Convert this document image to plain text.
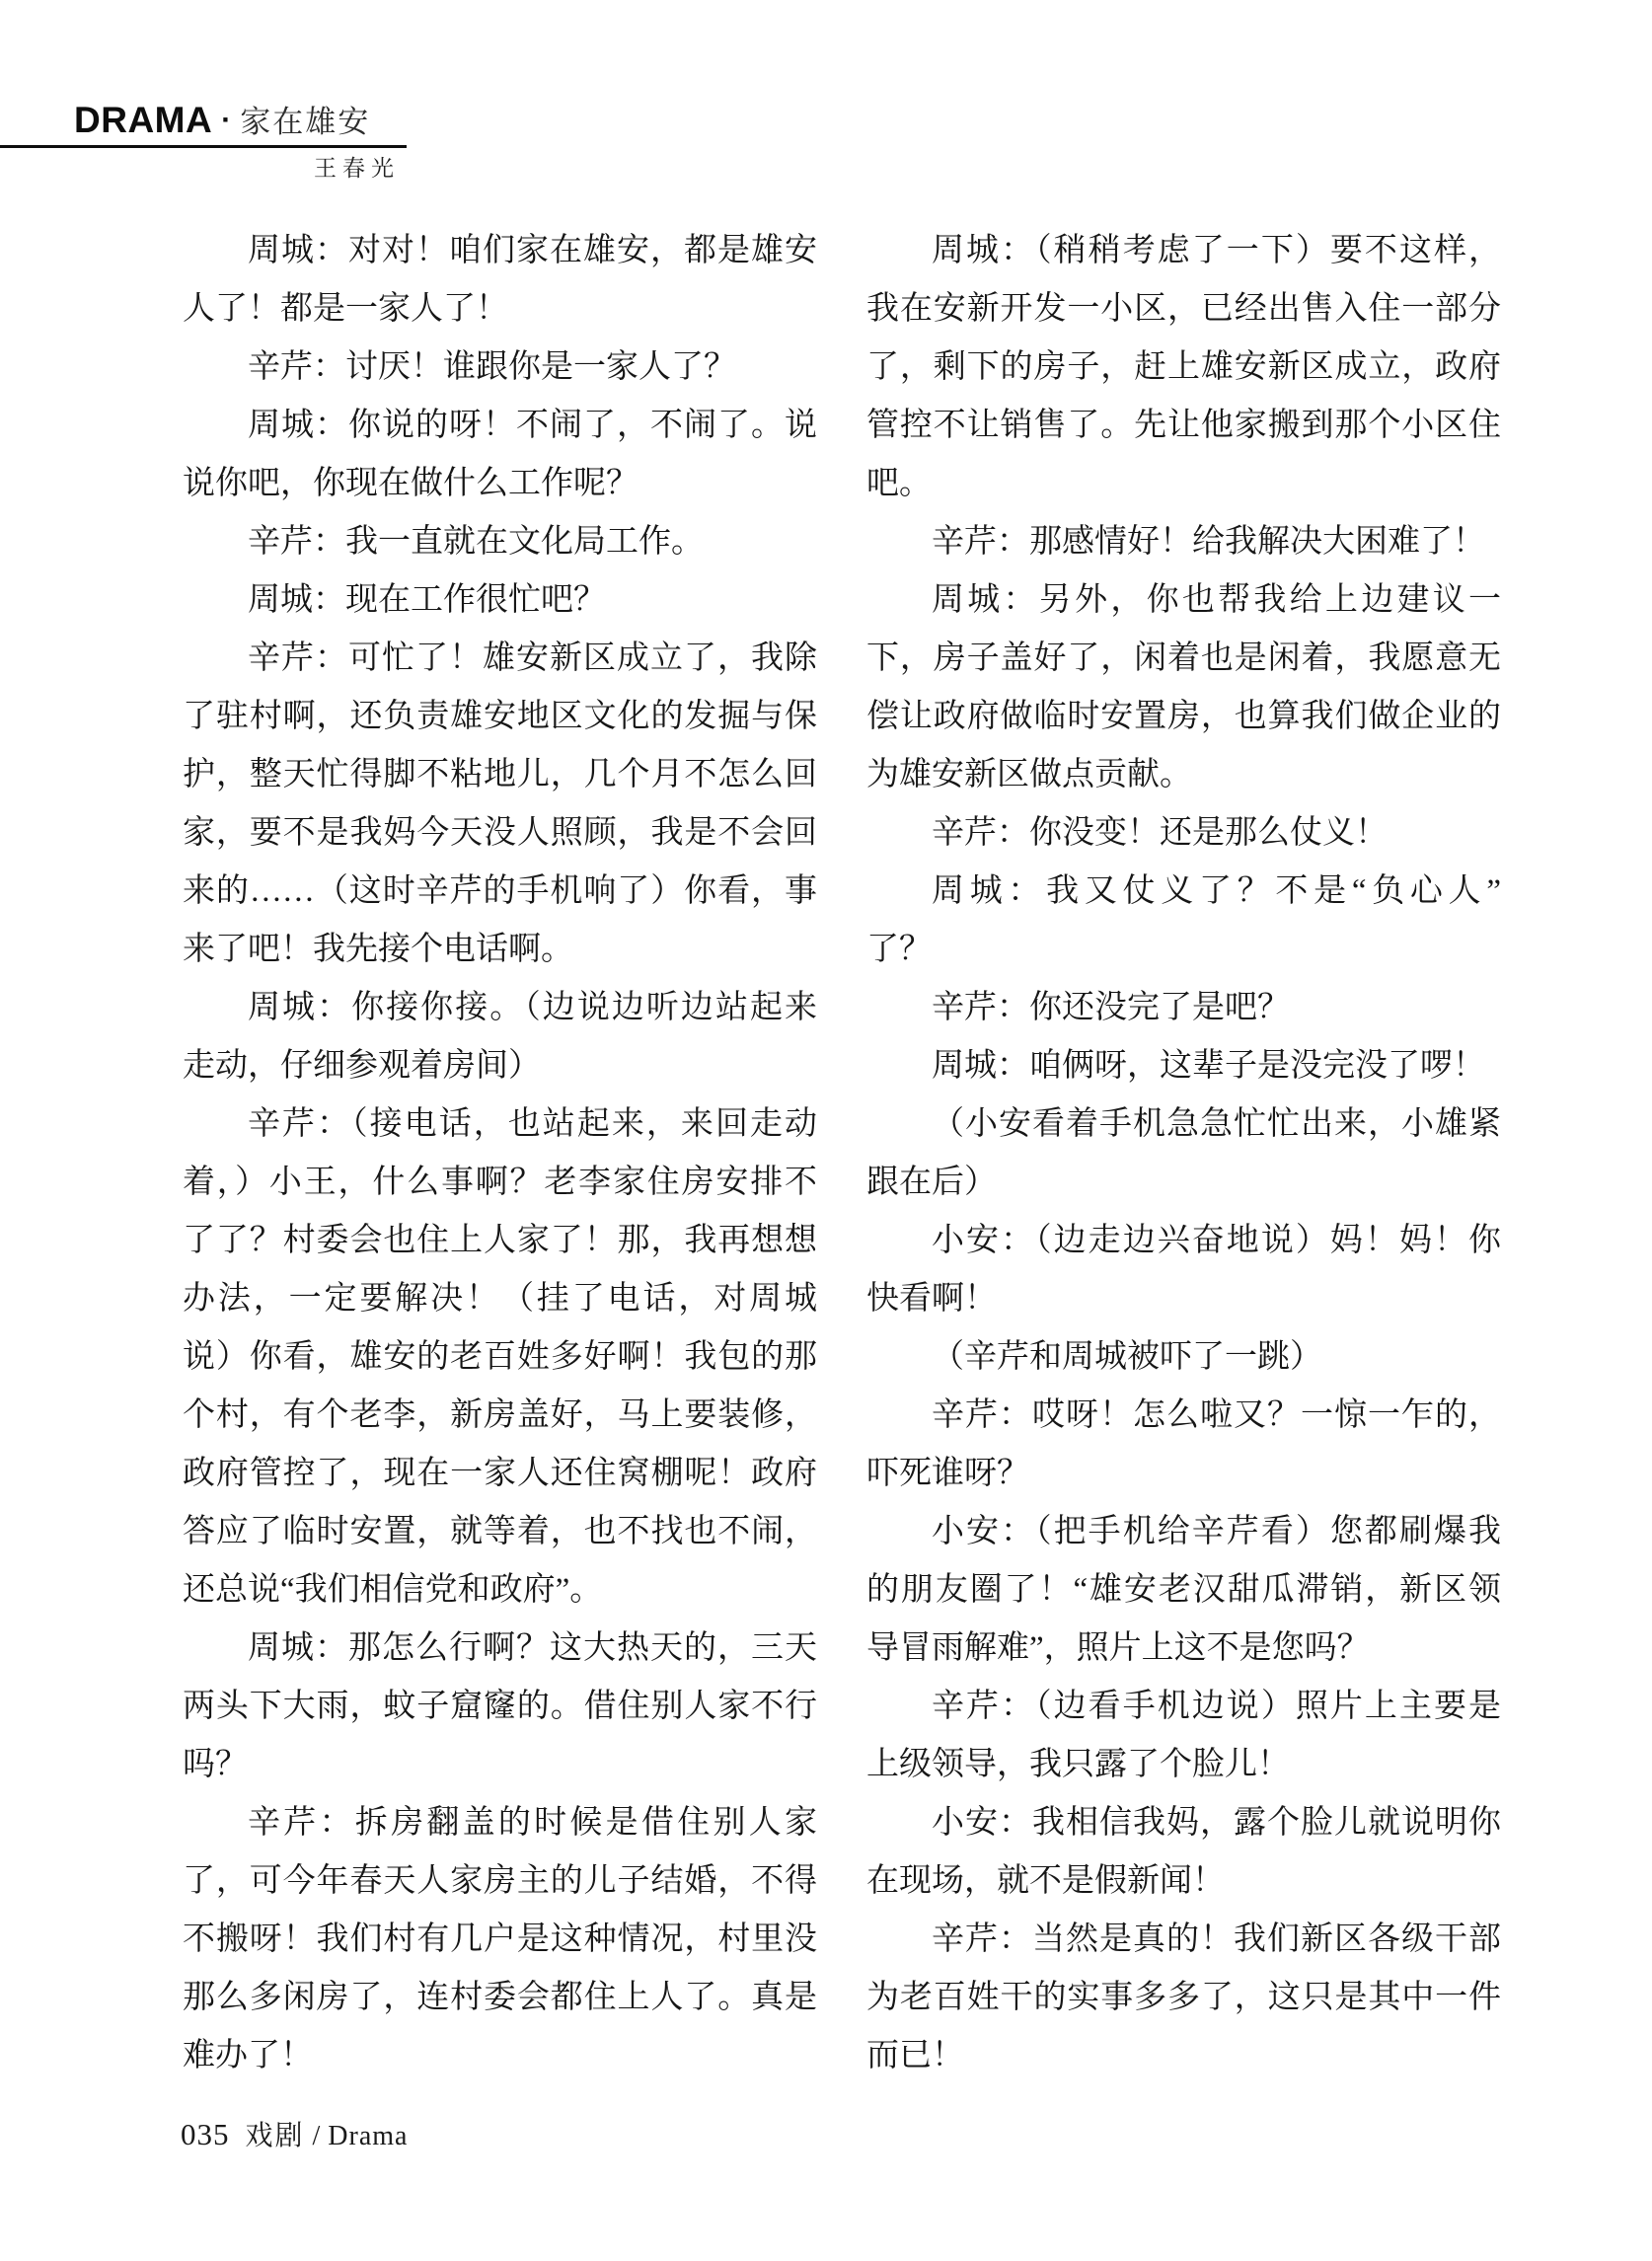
DRAMA · 家在雄安
王春光
周城：对对！咱们家在雄安，都是雄安
人了！都是一家人了！
辛芹：讨厌！谁跟你是一家人了？
周城：你说的呀！不闹了，不闹了。说
说你吧，你现在做什么工作呢？
辛芹：我一直就在文化局工作。
周城：现在工作很忙吧？
辛芹：可忙了！雄安新区成立了，我除
了驻村啊，还负责雄安地区文化的发掘与保
护，整天忙得脚不粘地儿，几个月不怎么回
家，要不是我妈今天没人照顾，我是不会回
来的……（这时辛芹的手机响了）你看，事
来了吧！我先接个电话啊。
周城：你接你接。（边说边听边站起来
走动，仔细参观着房间）
辛芹：（接电话，也站起来，来回走动
着，）小王，什么事啊？老李家住房安排不
了了？村委会也住上人家了！那，我再想想
办法，一定要解决！（挂了电话，对周城
说）你看，雄安的老百姓多好啊！我包的那
个村，有个老李，新房盖好，马上要装修，
政府管控了，现在一家人还住窝棚呢！政府
答应了临时安置，就等着，也不找也不闹，
还总说“我们相信党和政府”。
周城：那怎么行啊？这大热天的，三天
两头下大雨，蚊子窟窿的。借住别人家不行
吗？
辛芹：拆房翻盖的时候是借住别人家
了，可今年春天人家房主的儿子结婚，不得
不搬呀！我们村有几户是这种情况，村里没
那么多闲房了，连村委会都住上人了。真是
难办了！
周城：（稍稍考虑了一下）要不这样，
我在安新开发一小区，已经出售入住一部分
了，剩下的房子，赶上雄安新区成立，政府
管控不让销售了。先让他家搬到那个小区住
吧。
辛芹：那感情好！给我解决大困难了！
周城：另外，你也帮我给上边建议一
下，房子盖好了，闲着也是闲着，我愿意无
偿让政府做临时安置房，也算我们做企业的
为雄安新区做点贡献。
辛芹：你没变！还是那么仗义！
周城：我又仗义了？不是“负心人”
了？
辛芹：你还没完了是吧？
周城：咱俩呀，这辈子是没完没了啰！
（小安看着手机急急忙忙出来，小雄紧
跟在后）
小安：（边走边兴奋地说）妈！妈！你
快看啊！
（辛芹和周城被吓了一跳）
辛芹：哎呀！怎么啦又？一惊一乍的，
吓死谁呀？
小安：（把手机给辛芹看）您都刷爆我
的朋友圈了！“雄安老汉甜瓜滞销，新区领
导冒雨解难”，照片上这不是您吗？
辛芹：（边看手机边说）照片上主要是
上级领导，我只露了个脸儿！
小安：我相信我妈，露个脸儿就说明你
在现场，就不是假新闻！
辛芹：当然是真的！我们新区各级干部
为老百姓干的实事多多了，这只是其中一件
而已！
035 戏剧 / Drama
